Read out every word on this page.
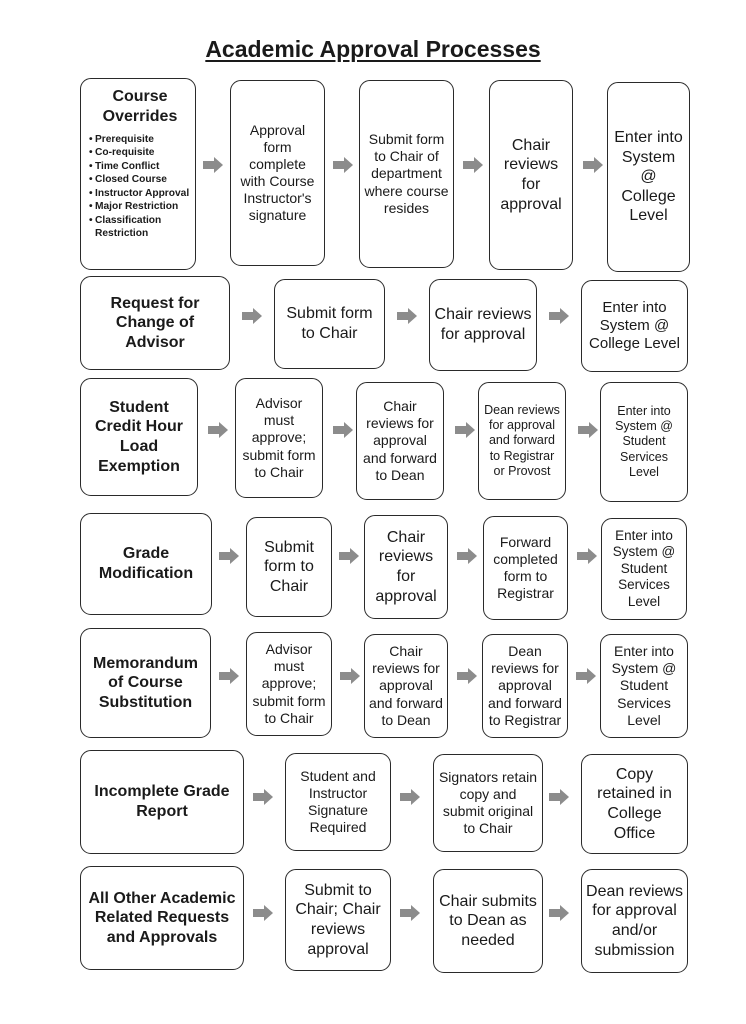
Academic Approval Processes
Course Overrides
• Prerequisite
• Co-requisite
• Time Conflict
• Closed Course
• Instructor Approval
• Major Restriction
• Classification Restriction
Approval form complete with Course Instructor's signature
Submit form to Chair of department where course resides
Chair reviews for approval
Enter into System @ College Level
Request for Change of Advisor
Submit form to Chair
Chair reviews for approval
Enter into System @ College Level
Student Credit Hour Load Exemption
Advisor must approve; submit form to Chair
Chair reviews for approval and forward to Dean
Dean reviews for approval and forward to Registrar or Provost
Enter into System @ Student Services Level
Grade Modification
Submit form to Chair
Chair reviews for approval
Forward completed form to Registrar
Enter into System @ Student Services Level
Memorandum of Course Substitution
Advisor must approve; submit form to Chair
Chair reviews for approval and forward to Dean
Dean reviews for approval and forward to Registrar
Enter into System @ Student Services Level
Incomplete Grade Report
Student and Instructor Signature Required
Signators retain copy and submit original to Chair
Copy retained in College Office
All Other Academic Related Requests and Approvals
Submit to Chair; Chair reviews approval
Chair submits to Dean as needed
Dean reviews for approval and/or submission
